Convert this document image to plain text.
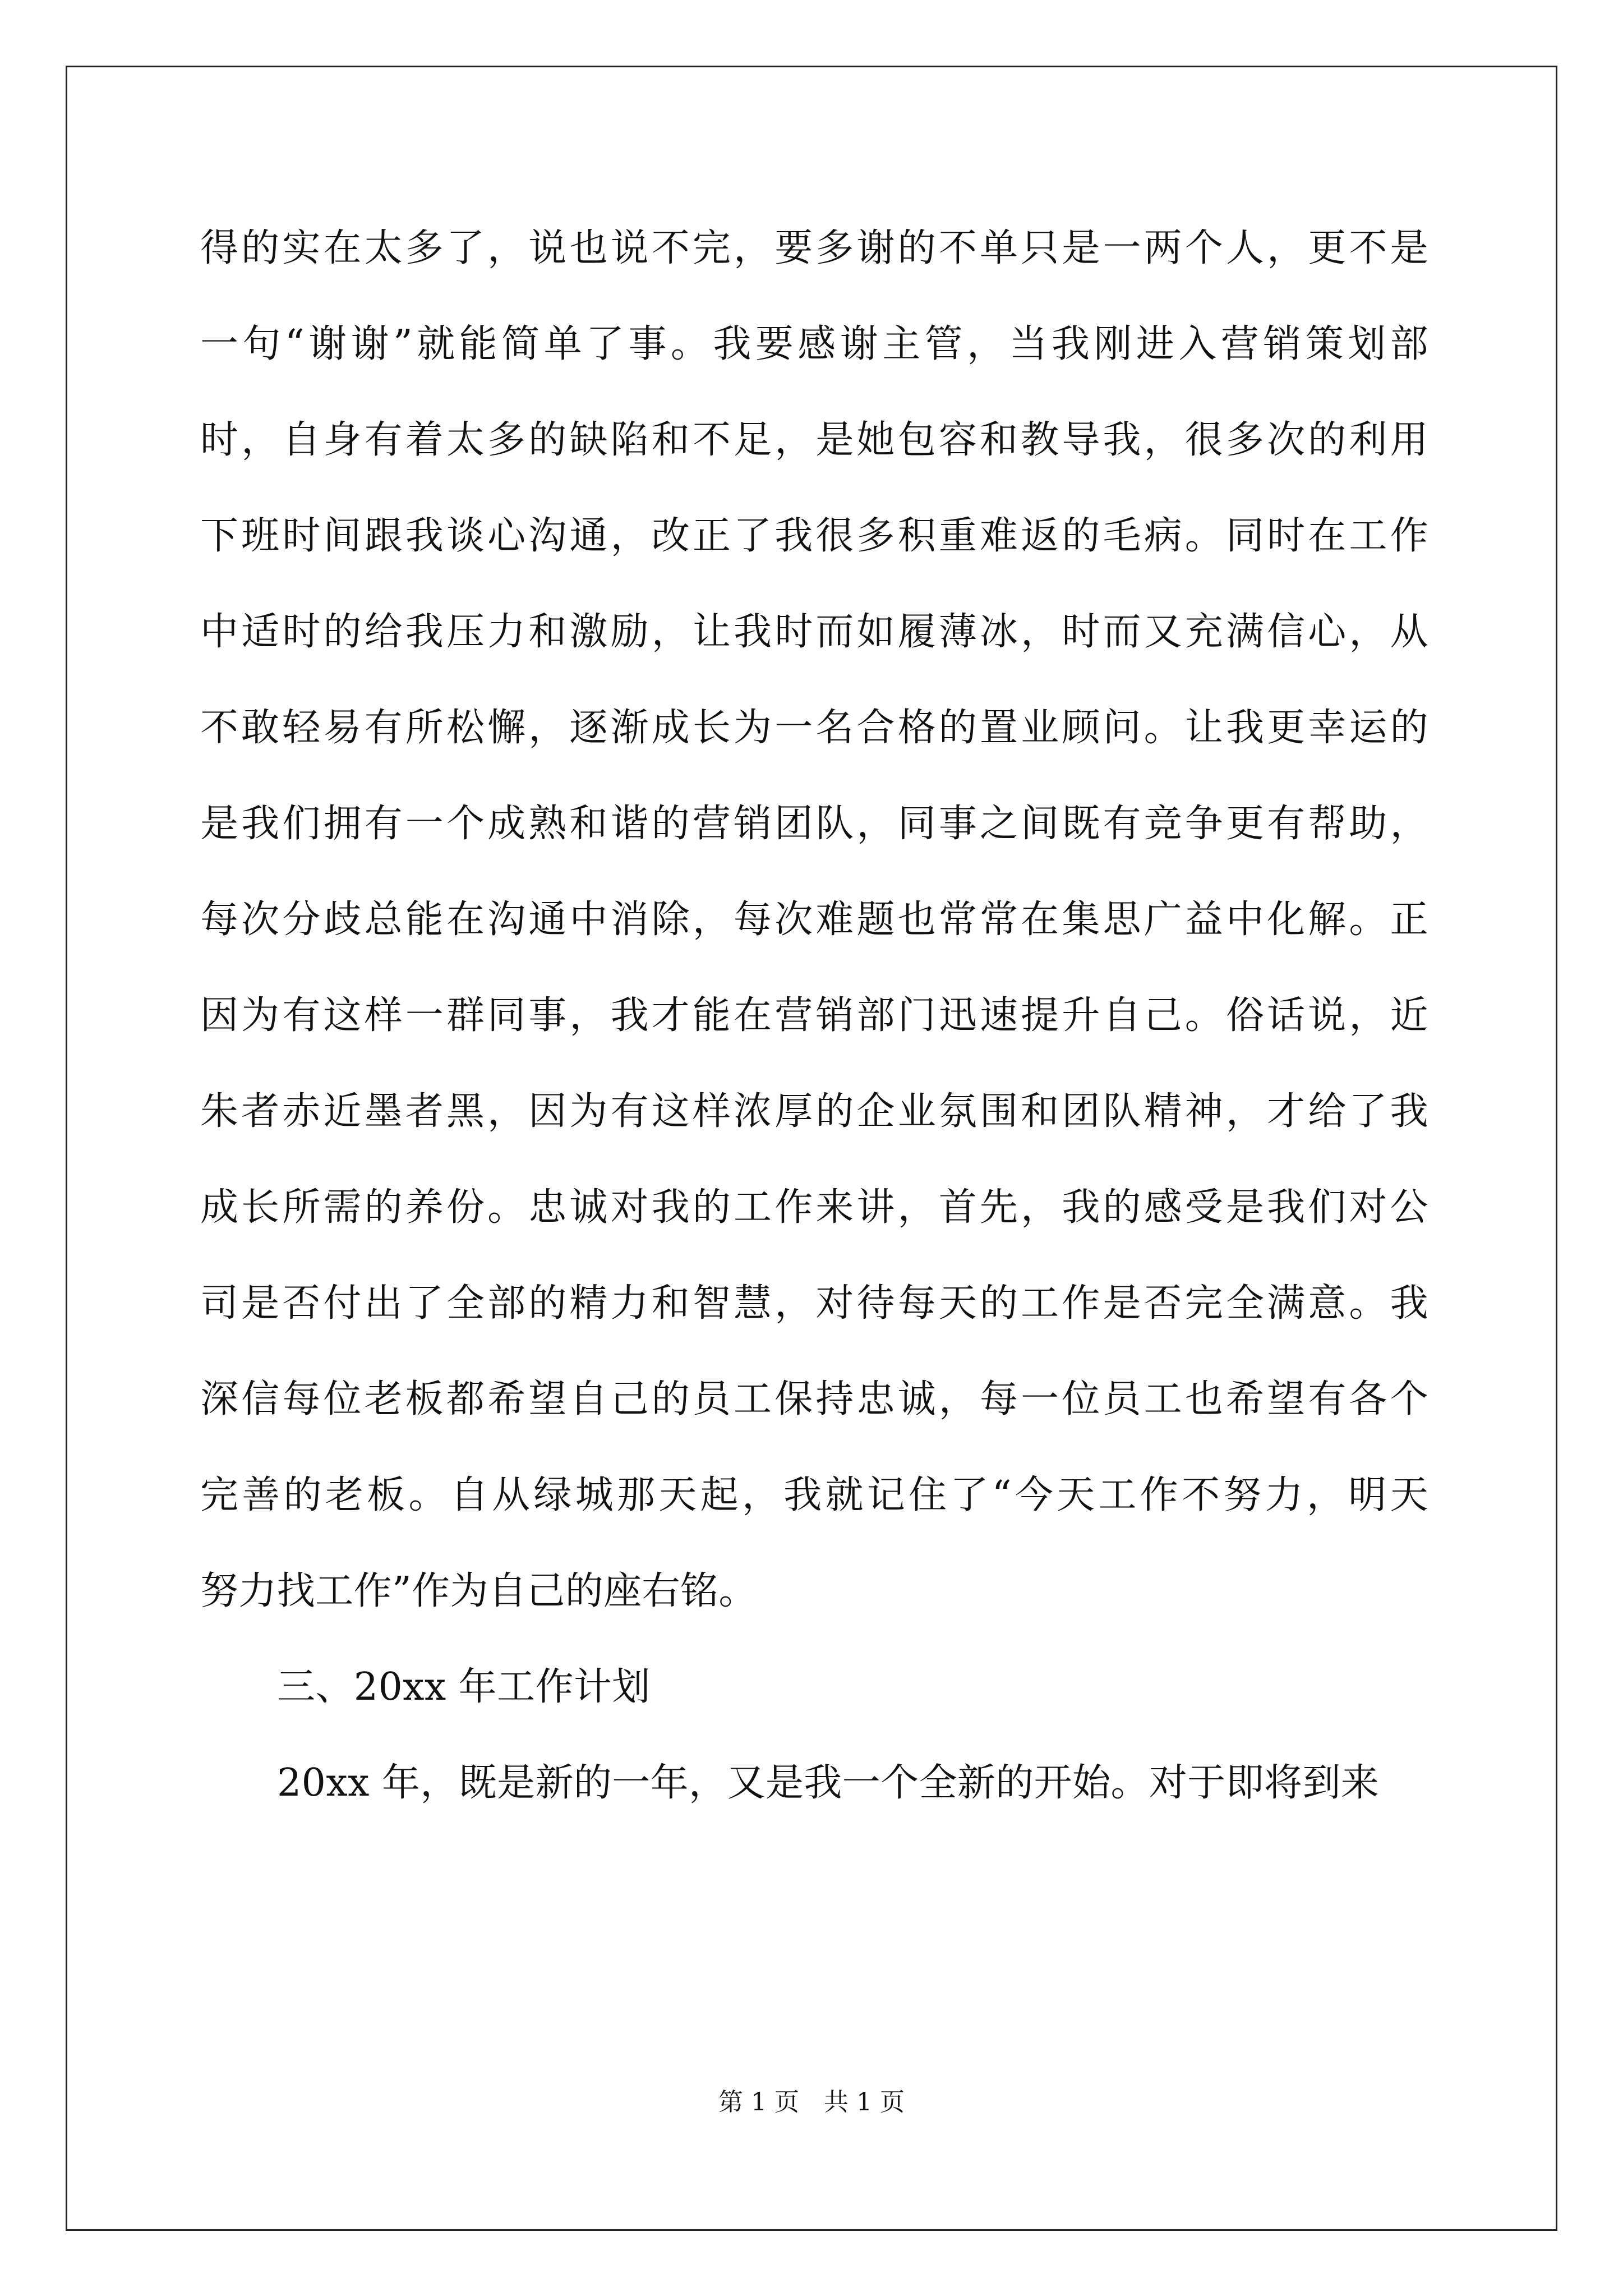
得的实在太多了，说也说不完，要多谢的不单只是一两个人，更不是
一句“谢谢”就能简单了事。我要感谢主管，当我刚进入营销策划部
时，自身有着太多的缺陷和不足，是她包容和教导我，很多次的利用
下班时间跟我谈心沟通，改正了我很多积重难返的毛病。同时在工作
中适时的给我压力和激励，让我时而如履薄冰，时而又充满信心，从
不敢轻易有所松懈，逐渐成长为一名合格的置业顾问。让我更幸运的
是我们拥有一个成熟和谐的营销团队，同事之间既有竞争更有帮助，
每次分歧总能在沟通中消除，每次难题也常常在集思广益中化解。正
因为有这样一群同事，我才能在营销部门迅速提升自己。俗话说，近
朱者赤近墨者黑，因为有这样浓厚的企业氛围和团队精神，才给了我
成长所需的养份。忠诚对我的工作来讲，首先，我的感受是我们对公
司是否付出了全部的精力和智慧，对待每天的工作是否完全满意。我
深信每位老板都希望自己的员工保持忠诚，每一位员工也希望有各个
完善的老板。自从绿城那天起，我就记住了“今天工作不努力，明天
努力找工作”作为自己的座右铭。
三、20xx 年工作计划
20xx 年，既是新的一年，又是我一个全新的开始。对于即将到来
第 1 页　共 1 页
